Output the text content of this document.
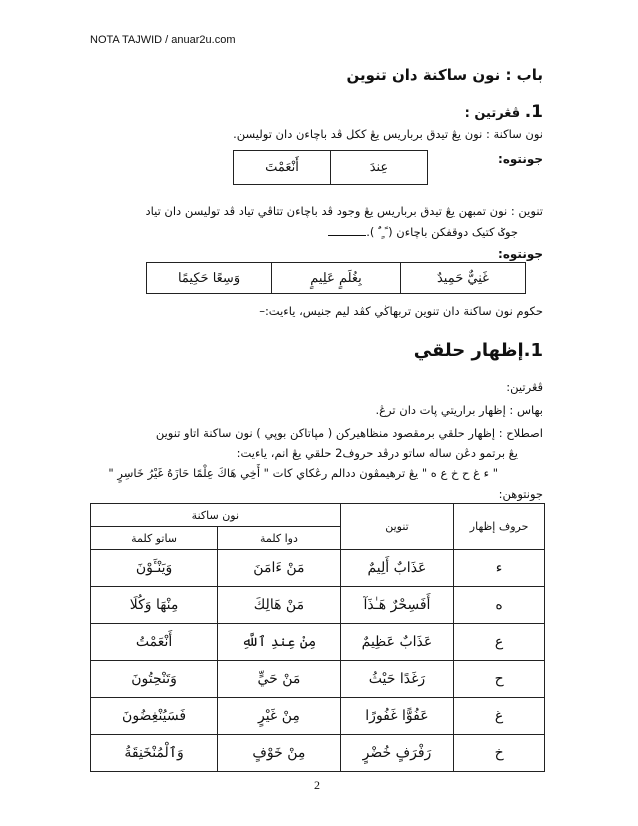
NOTA TAJWID / anuar2u.com
باب : نون ساكنة دان تنوين
1. ڤڠرتين :
نون ساكنة : نون يڠ تيدق برباريس يڠ ككل ڤد باچاءن دان توليسن.
جونتوه:
عِندَ	أَنْعَمْتَ
تنوين : نون تمبهن يڠ تيدق برباريس يڠ وجود ڤد باچاءن تتاڤي تياد ڤد توليسن دان تياد
جوݢ كتيک دوقفكن باچاءن ( ً ٍ ٌ ).
جونتوه:
غَنِيٌّ حَمِيدٌ	بِغُلَمٍ عَلِيمٍ	وَسِعًا حَكِيمًا
حكوم نون ساكنة دان تنوين تربهاڬي كڤد ليم جنيس، ياءيت:–
1.إظهار حلقي
ڤڠرتين:
بهاس : إظهار براريتي ڽات دان ترڠ.
اصطلاح : إظهار حلقي برمقصود منظاهيركن ( مڽاتاكن بوڽي ) نون ساكنة اتاو تنوين
يڠ برتمو دڠن ساله ساتو درڤد حروف2 حلقي يڠ انم، ياءيت:
" ء غ ح خ ع ه " يڠ ترهيمڤون ددالم رڠكاي كات " أَخِي هَاكَ عِلْمًا حَازَهُ غَيْرُ خَاسِرٍ "
جونتوهن:
حروف إظهار	تنوين	نون ساكنة	
		دوا كلمة	ساتو كلمة
ء	عَذَابٌ أَلِيمٌ	مَنْ ءَامَنَ	وَيَنْـَٔوْنَ
ه	أَفَسِحْرٌ هَـٰذَآ	مَنْ هَالِكَ	مِنْهَا وَكُلَا
ع	عَذَابٌ عَظِيمٌ	مِنْ عِندِ ٱللَّهِ	أَنْعَمْتُ
ح	رَغَدًا حَيْثُ	مَنْ حَيٍّ	وَتَنْحِتُونَ
غ	عَفُوًّا غَفُورًا	مِنْ غَيْرٍ	فَسَيُنْغِضُونَ
خ	رَفْرَفٍ خُضْرٍ	مِنْ خَوْفٍ	وَٱلْمُنْخَنِقَةُ
2
